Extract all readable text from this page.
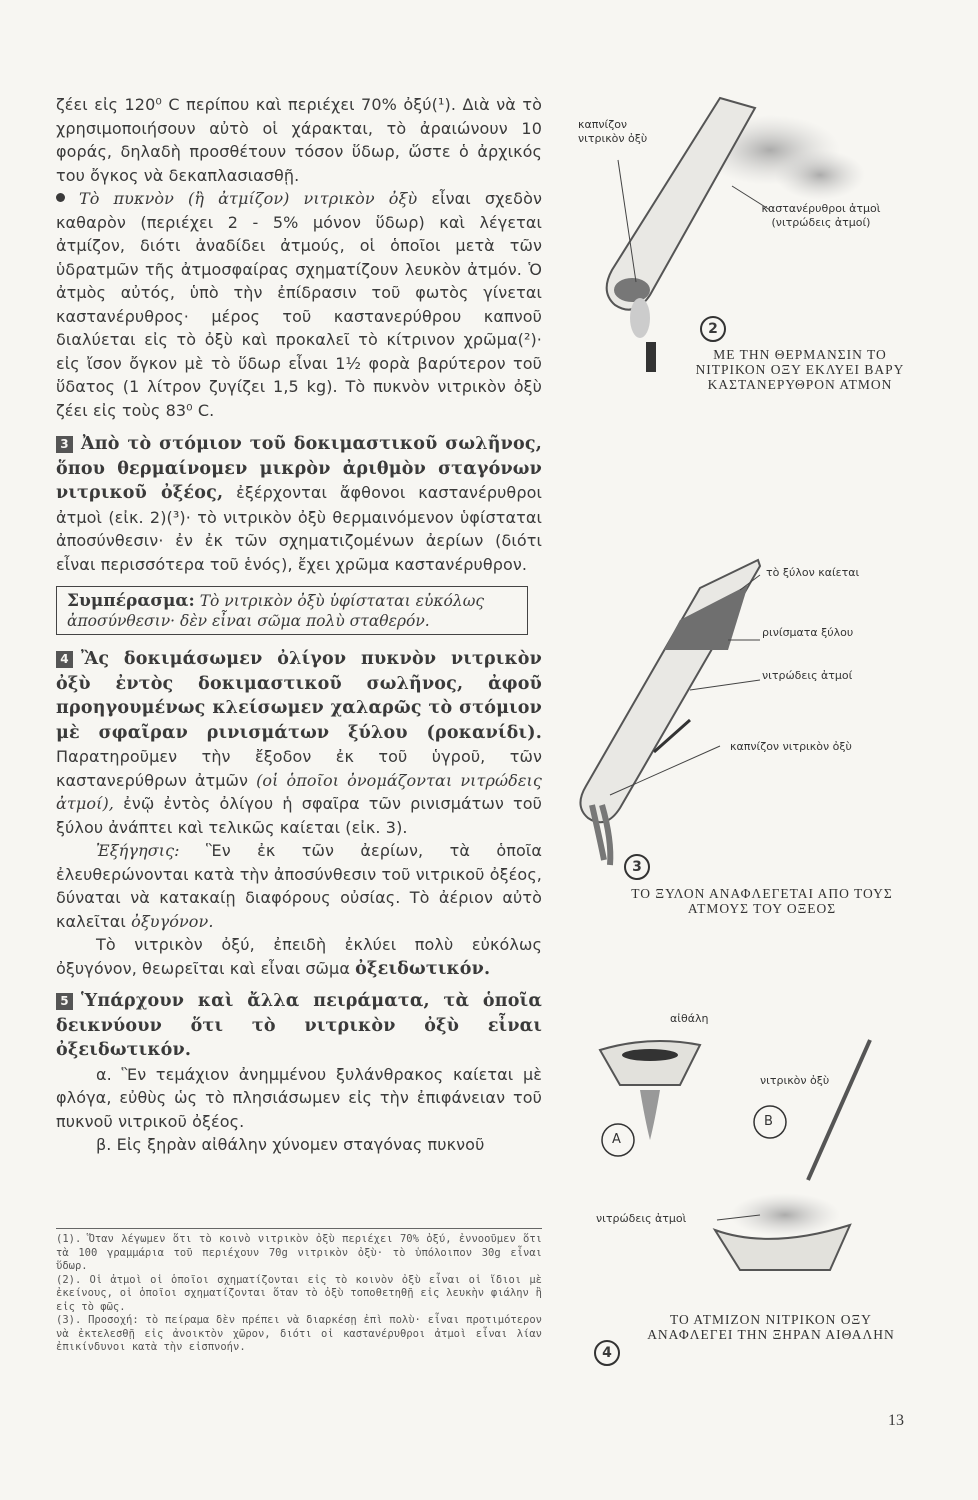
ζέει εἰς 120⁰ C περίπου καὶ περιέχει 70% ὀξύ(¹). Διὰ νὰ τὸ χρησιμοποιήσουν αὐτὸ οἱ χάρακται, τὸ ἀραιώνουν 10 φοράς, δηλαδὴ προσθέτουν τόσον ὕδωρ, ὥστε ὁ ἀρχικός του ὄγκος νὰ δεκαπλασιασθῇ.

Τὸ πυκνὸν (ἢ ἀτμίζον) νιτρικὸν ὀξὺ εἶναι σχεδὸν καθαρὸν (περιέχει 2 - 5% μόνον ὕδωρ) καὶ λέγεται ἀτμίζον, διότι ἀναδίδει ἀτμούς, οἱ ὁποῖοι μετὰ τῶν ὑδρατμῶν τῆς ἀτμοσφαίρας σχηματίζουν λευκὸν ἀτμόν. Ὁ ἀτμὸς αὐτός, ὑπὸ τὴν ἐπίδρασιν τοῦ φωτὸς γίνεται καστανέρυθρος· μέρος τοῦ καστανερύθρου καπνοῦ διαλύεται εἰς τὸ ὀξὺ καὶ προκαλεῖ τὸ κίτρινον χρῶμα(²)· εἰς ἴσον ὄγκον μὲ τὸ ὕδωρ εἶναι 1½ φορὰ βαρύτερον τοῦ ὕδατος (1 λίτρον ζυγίζει 1,5 kg). Τὸ πυκνὸν νιτρικὸν ὀξὺ ζέει εἰς τοὺς 83⁰ C.

3 Ἀπὸ τὸ στόμιον τοῦ δοκιμαστικοῦ σωλῆνος, ὅπου θερμαίνομεν μικρὸν ἀριθμὸν σταγόνων νιτρικοῦ ὀξέος, ἐξέρχονται ἄφθονοι καστανέρυθροι ἀτμοὶ (εἰκ. 2)(³)· τὸ νιτρικὸν ὀξὺ θερμαινόμενον ὑφίσταται ἀποσύνθεσιν· ἐν ἐκ τῶν σχηματιζομένων ἀερίων (διότι εἶναι περισσότερα τοῦ ἑνός), ἔχει χρῶμα καστανέρυθρον.

Συμπέρασμα: Τὸ νιτρικὸν ὀξὺ ὑφίσταται εὐκόλως ἀποσύνθεσιν· δὲν εἶναι σῶμα πολὺ σταθερόν.

4 Ἂς δοκιμάσωμεν ὀλίγον πυκνὸν νιτρικὸν ὀξὺ ἐντὸς δοκιμαστικοῦ σωλῆνος, ἀφοῦ προηγουμένως κλείσωμεν χαλαρῶς τὸ στόμιον μὲ σφαῖραν ρινισμάτων ξύλου (ροκανίδι). Παρατηροῦμεν τὴν ἔξοδον ἐκ τοῦ ὑγροῦ, τῶν καστανερύθρων ἀτμῶν (οἱ ὁποῖοι ὀνομάζονται νιτρώδεις ἀτμοί), ἐνῷ ἐντὸς ὀλίγου ἡ σφαῖρα τῶν ρινισμάτων τοῦ ξύλου ἀνάπτει καὶ τελικῶς καίεται (εἰκ. 3).

Ἐξήγησις: Ἓν ἐκ τῶν ἀερίων, τὰ ὁποῖα ἐλευθερώνονται κατὰ τὴν ἀποσύνθεσιν τοῦ νιτρικοῦ ὀξέος, δύναται νὰ κατακαίῃ διαφόρους οὐσίας. Τὸ ἀέριον αὐτὸ καλεῖται ὀξυγόνον.

Τὸ νιτρικὸν ὀξύ, ἐπειδὴ ἐκλύει πολὺ εὐκόλως ὀξυγόνον, θεωρεῖται καὶ εἶναι σῶμα ὀξειδωτικόν.

5 Ὑπάρχουν καὶ ἄλλα πειράματα, τὰ ὁποῖα δεικνύουν ὅτι τὸ νιτρικὸν ὀξὺ εἶναι ὀξειδωτικόν.

α. Ἓν τεμάχιον ἀνημμένου ξυλάνθρακος καίεται μὲ φλόγα, εὐθὺς ὡς τὸ πλησιάσωμεν εἰς τὴν ἐπιφάνειαν τοῦ πυκνοῦ νιτρικοῦ ὀξέος.

β. Εἰς ξηρὰν αἰθάλην χύνομεν σταγόνας πυκνοῦ

(1). Ὅταν λέγωμεν ὅτι τὸ κοινὸ νιτρικὸν ὀξὺ περιέχει 70% ὀξύ, ἐννοοῦμεν ὅτι τὰ 100 γραμμάρια τοῦ περιέχουν 70g νιτρικὸν ὀξὺ· τὸ ὑπόλοιπον 30g εἶναι ὕδωρ.

(2). Οἱ ἀτμοὶ οἱ ὁποῖοι σχηματίζονται εἰς τὸ κοινὸν ὀξὺ εἶναι οἱ ἴδιοι μὲ ἐκείνους, οἱ ὁποῖοι σχηματίζονται ὅταν τὸ ὀξὺ τοποθετηθῇ εἰς λευκὴν φιάλην ἢ εἰς τὸ φῶς.

(3). Προσοχή: τὸ πείραμα δὲν πρέπει νὰ διαρκέσῃ ἐπὶ πολὺ· εἶναι προτιμότερον νὰ ἐκτελεσθῇ εἰς ἀνοικτὸν χῶρον, διότι οἱ καστανέρυθροι ἀτμοὶ εἶναι λίαν ἐπικίνδυνοι κατὰ τὴν εἰσπνοήν.

καπνίζον νιτρικὸν ὀξὺ
καστανέρυθροι ἀτμοὶ (νιτρώδεις ἀτμοί)
2
ΜΕ ΤΗΝ ΘΕΡΜΑΝΣΙΝ ΤΟ ΝΙΤΡΙΚΟΝ ΟΞΥ ΕΚΛΥΕΙ ΒΑΡΥ ΚΑΣΤΑΝΕΡΥΘΡΟΝ ΑΤΜΟΝ
τὸ ξύλον καίεται
ρινίσματα ξύλου
νιτρώδεις ἀτμοί
καπνίζον νιτρικὸν ὀξὺ
3
ΤΟ ΞΥΛΟΝ ΑΝΑΦΛΕΓΕΤΑΙ ΑΠΟ ΤΟΥΣ ΑΤΜΟΥΣ ΤΟΥ ΟΞΕΟΣ
αἰθάλη
νιτρικὸν ὀξὺ
νιτρώδεις ἀτμοὶ
A
B
4
ΤΟ ΑΤΜΙΖΟΝ ΝΙΤΡΙΚΟΝ ΟΞΥ ΑΝΑΦΛΕΓΕΙ ΤΗΝ ΞΗΡΑΝ ΑΙΘΑΛΗΝ
13
